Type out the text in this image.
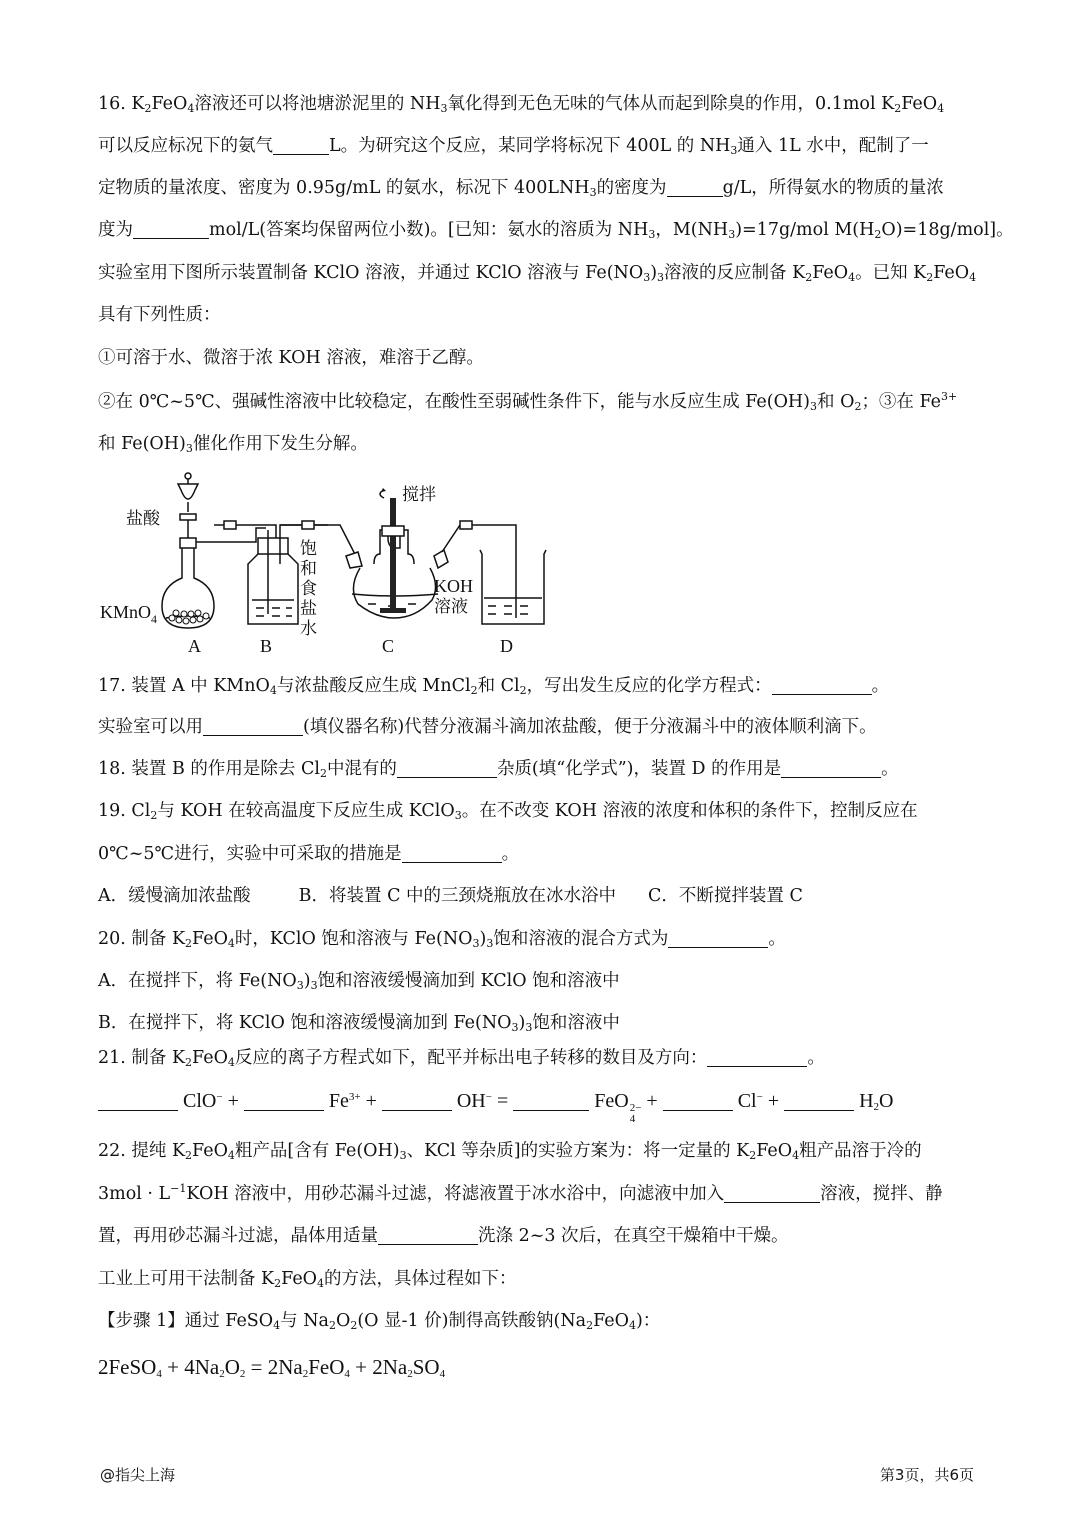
16. $K_2FeO_4$溶液还可以将池塘淤泥里的 $NH_3$氧化得到无色无味的气体从而起到除臭的作用，0.1mol $K_2FeO_4$
可以反应标况下的氨气	L。为研究这个反应，某同学将标况下 400L 的 $NH_3$通入 1L 水中，配制了一
定物质的量浓度、密度为 0.95g/mL 的氨水，标况下 $400LNH_3$的密度为	g/L，所得氨水的物质的量浓
度为	mol/L(答案均保留两位小数)。[已知：氨水的溶质为 $NH_3$，$M(NH_3)=17g$/mol $M(H_2O)=18g/mol$]。
实验室用下图所示装置制备 KClO 溶液，并通过 KClO 溶液与 $Fe(NO_3)_3$溶液的反应制备 $K_2FeO_4$。已知 $K_2FeO_4$
具有下列性质：
①可溶于水、微溶于浓 KOH 溶液，难溶于乙醇。
②在 0℃~5℃、强碱性溶液中比较稳定，在酸性至弱碱性条件下，能与水反应生成 $Fe(OH)_3$和 $O_2$；③在 $Fe^{3+}$
和 $Fe(OH)_3$催化作用下发生分解。
盐酸
KMnO$_4$
饱
和
食
盐
水
搅拌
KOH
溶液
A	B	C	D
17. 装置 A 中 KMnO$_4$与浓盐酸反应生成 MnCl$_2$和 $Cl_2$，写出发生反应的化学方程式：	。
实验室可以用	(填仪器名称)代替分液漏斗滴加浓盐酸，便于分液漏斗中的液体顺利滴下。
18. 装置 B 的作用是除去 $Cl_2$中混有的	杂质(填“化学式”)，装置 D 的作用是	。
19. $Cl_2$与 KOH 在较高温度下反应生成 KClO$_3$。在不改变 KOH 溶液的浓度和体积的条件下，控制反应在
0℃~5℃进行，实验中可采取的措施是	。
A．缓慢滴加浓盐酸	B．将装置 C 中的三颈烧瓶放在冰水浴中 C．不断搅拌装置 C
20. 制备 $K_2FeO_4$时，KClO 饱和溶液与 $Fe(NO_3)_3$饱和溶液的混合方式为	。
A．在搅拌下，将 $Fe(NO_3)_3$饱和溶液缓慢滴加到 KClO 饱和溶液中
B．在搅拌下，将 KClO 饱和溶液缓慢滴加到 $Fe(NO_3)_3$饱和溶液中
21. 制备 $K_2FeO_4$反应的离子方程式如下，配平并标出电子转移的数目及方向：	。
ClO− +	$Fe^{3+}$ +	OH− =	FeO 2−
4
+	Cl− +	$H_2O$
22. 提纯 $K_2FeO_4$粗产品[含有 $Fe(OH)_3$、KCl 等杂质]的实验方案为：将一定量的 $K_2FeO_4$粗产品溶于冷的
$3mol \cdot L^{-1}KOH$ 溶液中，用砂芯漏斗过滤，将滤液置于冰水浴中，向滤液中加入	溶液，搅拌、静
置，再用砂芯漏斗过滤，晶体用适量	洗涤 2~3 次后，在真空干燥箱中干燥。
工业上可用干法制备 $K_2FeO_4$的方法，具体过程如下：
【步骤 1】通过 FeSO$_4$与 $Na_2O_2(O$ 显-1 价)制得高铁酸钠$(Na_2FeO_4)$：
2FeSO$_4$ + $4Na_2O_2 = 2Na_2FeO_4 + 2Na_2SO_4$
@指尖上海	第3页，共6页
